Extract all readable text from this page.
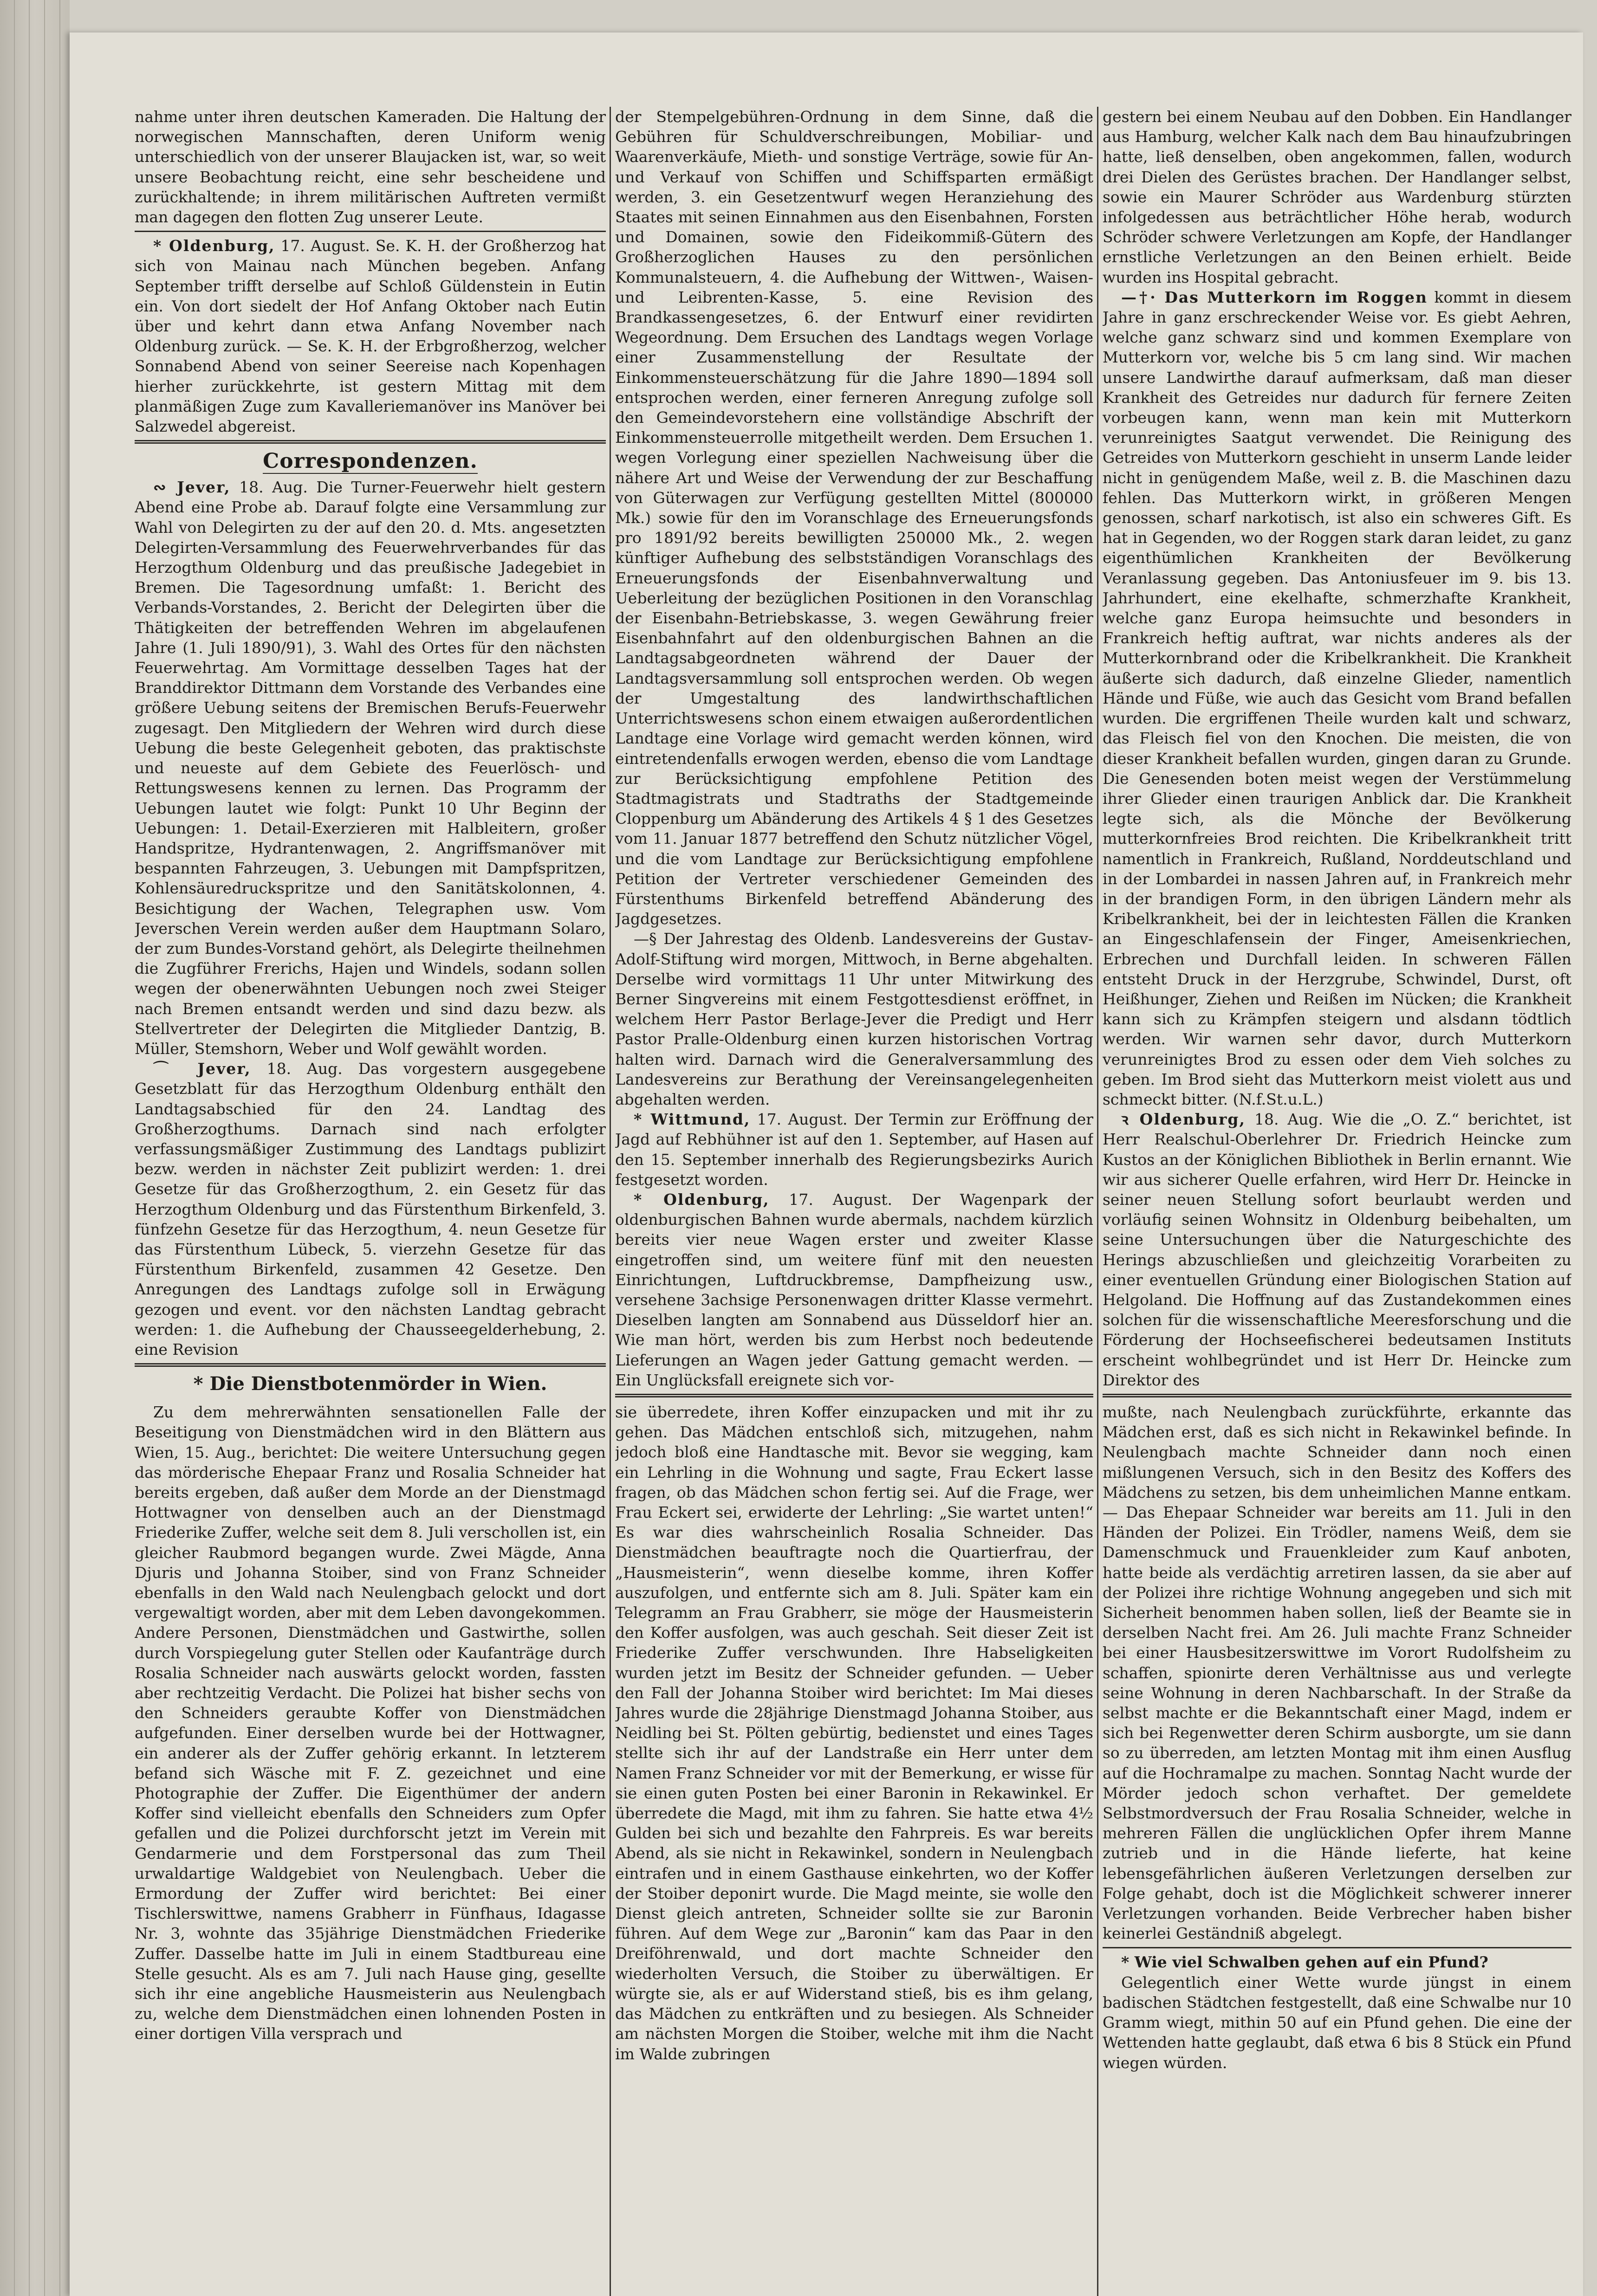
nahme unter ihren deutschen Kameraden. Die Haltung der norwegischen Mannschaften, deren Uniform wenig unterschiedlich von der unserer Blaujacken ist, war, so weit unsere Beobachtung reicht, eine sehr bescheidene und zurückhaltende; in ihrem militärischen Auftreten vermißt man dagegen den flotten Zug unserer Leute.

* Oldenburg, 17. August. Se. K. H. der Großherzog hat sich von Mainau nach München begeben. Anfang September trifft derselbe auf Schloß Güldenstein in Eutin ein. Von dort siedelt der Hof Anfang Oktober nach Eutin über und kehrt dann etwa Anfang November nach Oldenburg zurück. — Se. K. H. der Erbgroßherzog, welcher Sonnabend Abend von seiner Seereise nach Kopenhagen hierher zurückkehrte, ist gestern Mittag mit dem planmäßigen Zuge zum Kavalleriemanöver ins Manöver bei Salzwedel abgereist.

Correspondenzen.

∾ Jever, 18. Aug. Die Turner-Feuerwehr hielt gestern Abend eine Probe ab. Darauf folgte eine Versammlung zur Wahl von Delegirten zu der auf den 20. d. Mts. angesetzten Delegirten-Versammlung des Feuerwehrverbandes für das Herzogthum Oldenburg und das preußische Jadegebiet in Bremen. Die Tagesordnung umfaßt: 1. Bericht des Verbands-Vorstandes, 2. Bericht der Delegirten über die Thätigkeiten der betreffenden Wehren im abgelaufenen Jahre (1. Juli 1890/91), 3. Wahl des Ortes für den nächsten Feuerwehrtag. Am Vormittage desselben Tages hat der Branddirektor Dittmann dem Vorstande des Verbandes eine größere Uebung seitens der Bremischen Berufs-Feuerwehr zugesagt. Den Mitgliedern der Wehren wird durch diese Uebung die beste Gelegenheit geboten, das praktischste und neueste auf dem Gebiete des Feuerlösch- und Rettungswesens kennen zu lernen. Das Programm der Uebungen lautet wie folgt: Punkt 10 Uhr Beginn der Uebungen: 1. Detail-Exerzieren mit Halbleitern, großer Handspritze, Hydrantenwagen, 2. Angriffsmanöver mit bespannten Fahrzeugen, 3. Uebungen mit Dampfspritzen, Kohlensäuredruckspritze und den Sanitätskolonnen, 4. Besichtigung der Wachen, Telegraphen usw. Vom Jeverschen Verein werden außer dem Hauptmann Solaro, der zum Bundes-Vorstand gehört, als Delegirte theilnehmen die Zugführer Frerichs, Hajen und Windels, sodann sollen wegen der obenerwähnten Uebungen noch zwei Steiger nach Bremen entsandt werden und sind dazu bezw. als Stellvertreter der Delegirten die Mitglieder Dantzig, B. Müller, Stemshorn, Weber und Wolf gewählt worden.

⌒ Jever, 18. Aug. Das vorgestern ausgegebene Gesetzblatt für das Herzogthum Oldenburg enthält den Landtagsabschied für den 24. Landtag des Großherzogthums. Darnach sind nach erfolgter verfassungsmäßiger Zustimmung des Landtags publizirt bezw. werden in nächster Zeit publizirt werden: 1. drei Gesetze für das Großherzogthum, 2. ein Gesetz für das Herzogthum Oldenburg und das Fürstenthum Birkenfeld, 3. fünfzehn Gesetze für das Herzogthum, 4. neun Gesetze für das Fürstenthum Lübeck, 5. vierzehn Gesetze für das Fürstenthum Birkenfeld, zusammen 42 Gesetze. Den Anregungen des Landtags zufolge soll in Erwägung gezogen und event. vor den nächsten Landtag gebracht werden: 1. die Aufhebung der Chausseegelderhebung, 2. eine Revision

* Die Dienstbotenmörder in Wien.

Zu dem mehrerwähnten sensationellen Falle der Beseitigung von Dienstmädchen wird in den Blättern aus Wien, 15. Aug., berichtet: Die weitere Untersuchung gegen das mörderische Ehepaar Franz und Rosalia Schneider hat bereits ergeben, daß außer dem Morde an der Dienstmagd Hottwagner von denselben auch an der Dienstmagd Friederike Zuffer, welche seit dem 8. Juli verschollen ist, ein gleicher Raubmord begangen wurde. Zwei Mägde, Anna Djuris und Johanna Stoiber, sind von Franz Schneider ebenfalls in den Wald nach Neulengbach gelockt und dort vergewaltigt worden, aber mit dem Leben davongekommen. Andere Personen, Dienstmädchen und Gastwirthe, sollen durch Vorspiegelung guter Stellen oder Kaufanträge durch Rosalia Schneider nach auswärts gelockt worden, fassten aber rechtzeitig Verdacht. Die Polizei hat bisher sechs von den Schneiders geraubte Koffer von Dienstmädchen aufgefunden. Einer derselben wurde bei der Hottwagner, ein anderer als der Zuffer gehörig erkannt. In letzterem befand sich Wäsche mit F. Z. gezeichnet und eine Photographie der Zuffer. Die Eigenthümer der andern Koffer sind vielleicht ebenfalls den Schneiders zum Opfer gefallen und die Polizei durchforscht jetzt im Verein mit Gendarmerie und dem Forstpersonal das zum Theil urwaldartige Waldgebiet von Neulengbach. Ueber die Ermordung der Zuffer wird berichtet: Bei einer Tischlerswittwe, namens Grabherr in Fünfhaus, Idagasse Nr. 3, wohnte das 35jährige Dienstmädchen Friederike Zuffer. Dasselbe hatte im Juli in einem Stadtbureau eine Stelle gesucht. Als es am 7. Juli nach Hause ging, gesellte sich ihr eine angebliche Hausmeisterin aus Neulengbach zu, welche dem Dienstmädchen einen lohnenden Posten in einer dortigen Villa versprach und

der Stempelgebühren-Ordnung in dem Sinne, daß die Gebühren für Schuldverschreibungen, Mobiliar- und Waarenverkäufe, Mieth- und sonstige Verträge, sowie für An- und Verkauf von Schiffen und Schiffsparten ermäßigt werden, 3. ein Gesetzentwurf wegen Heranziehung des Staates mit seinen Einnahmen aus den Eisenbahnen, Forsten und Domainen, sowie den Fideikommiß-Gütern des Großherzoglichen Hauses zu den persönlichen Kommunalsteuern, 4. die Aufhebung der Wittwen-, Waisen- und Leibrenten-Kasse, 5. eine Revision des Brandkassengesetzes, 6. der Entwurf einer revidirten Wegeordnung. Dem Ersuchen des Landtags wegen Vorlage einer Zusammenstellung der Resultate der Einkommensteuerschätzung für die Jahre 1890—1894 soll entsprochen werden, einer ferneren Anregung zufolge soll den Gemeindevorstehern eine vollständige Abschrift der Einkommensteuerrolle mitgetheilt werden. Dem Ersuchen 1. wegen Vorlegung einer speziellen Nachweisung über die nähere Art und Weise der Verwendung der zur Beschaffung von Güterwagen zur Verfügung gestellten Mittel (800000 Mk.) sowie für den im Voranschlage des Erneuerungsfonds pro 1891/92 bereits bewilligten 250000 Mk., 2. wegen künftiger Aufhebung des selbstständigen Voranschlags des Erneuerungsfonds der Eisenbahnverwaltung und Ueberleitung der bezüglichen Positionen in den Voranschlag der Eisenbahn-Betriebskasse, 3. wegen Gewährung freier Eisenbahnfahrt auf den oldenburgischen Bahnen an die Landtagsabgeordneten während der Dauer der Landtagsversammlung soll entsprochen werden. Ob wegen der Umgestaltung des landwirthschaftlichen Unterrichtswesens schon einem etwaigen außerordentlichen Landtage eine Vorlage wird gemacht werden können, wird eintretendenfalls erwogen werden, ebenso die vom Landtage zur Berücksichtigung empfohlene Petition des Stadtmagistrats und Stadtraths der Stadtgemeinde Cloppenburg um Abänderung des Artikels 4 § 1 des Gesetzes vom 11. Januar 1877 betreffend den Schutz nützlicher Vögel, und die vom Landtage zur Berücksichtigung empfohlene Petition der Vertreter verschiedener Gemeinden des Fürstenthums Birkenfeld betreffend Abänderung des Jagdgesetzes.

—§ Der Jahrestag des Oldenb. Landesvereins der Gustav-Adolf-Stiftung wird morgen, Mittwoch, in Berne abgehalten. Derselbe wird vormittags 11 Uhr unter Mitwirkung des Berner Singvereins mit einem Festgottesdienst eröffnet, in welchem Herr Pastor Berlage-Jever die Predigt und Herr Pastor Pralle-Oldenburg einen kurzen historischen Vortrag halten wird. Darnach wird die Generalversammlung des Landesvereins zur Berathung der Vereinsangelegenheiten abgehalten werden.

* Wittmund, 17. August. Der Termin zur Eröffnung der Jagd auf Rebhühner ist auf den 1. September, auf Hasen auf den 15. September innerhalb des Regierungsbezirks Aurich festgesetzt worden.

* Oldenburg, 17. August. Der Wagenpark der oldenburgischen Bahnen wurde abermals, nachdem kürzlich bereits vier neue Wagen erster und zweiter Klasse eingetroffen sind, um weitere fünf mit den neuesten Einrichtungen, Luftdruckbremse, Dampfheizung usw., versehene 3achsige Personenwagen dritter Klasse vermehrt. Dieselben langten am Sonnabend aus Düsseldorf hier an. Wie man hört, werden bis zum Herbst noch bedeutende Lieferungen an Wagen jeder Gattung gemacht werden. — Ein Unglücksfall ereignete sich vor-

sie überredete, ihren Koffer einzupacken und mit ihr zu gehen. Das Mädchen entschloß sich, mitzugehen, nahm jedoch bloß eine Handtasche mit. Bevor sie wegging, kam ein Lehrling in die Wohnung und sagte, Frau Eckert lasse fragen, ob das Mädchen schon fertig sei. Auf die Frage, wer Frau Eckert sei, erwiderte der Lehrling: „Sie wartet unten!“ Es war dies wahrscheinlich Rosalia Schneider. Das Dienstmädchen beauftragte noch die Quartierfrau, der „Hausmeisterin“, wenn dieselbe komme, ihren Koffer auszufolgen, und entfernte sich am 8. Juli. Später kam ein Telegramm an Frau Grabherr, sie möge der Hausmeisterin den Koffer ausfolgen, was auch geschah. Seit dieser Zeit ist Friederike Zuffer verschwunden. Ihre Habseligkeiten wurden jetzt im Besitz der Schneider gefunden. — Ueber den Fall der Johanna Stoiber wird berichtet: Im Mai dieses Jahres wurde die 28jährige Dienstmagd Johanna Stoiber, aus Neidling bei St. Pölten gebürtig, bedienstet und eines Tages stellte sich ihr auf der Landstraße ein Herr unter dem Namen Franz Schneider vor mit der Bemerkung, er wisse für sie einen guten Posten bei einer Baronin in Rekawinkel. Er überredete die Magd, mit ihm zu fahren. Sie hatte etwa 4½ Gulden bei sich und bezahlte den Fahrpreis. Es war bereits Abend, als sie nicht in Rekawinkel, sondern in Neulengbach eintrafen und in einem Gasthause einkehrten, wo der Koffer der Stoiber deponirt wurde. Die Magd meinte, sie wolle den Dienst gleich antreten, Schneider sollte sie zur Baronin führen. Auf dem Wege zur „Baronin“ kam das Paar in den Dreiföhrenwald, und dort machte Schneider den wiederholten Versuch, die Stoiber zu überwältigen. Er würgte sie, als er auf Widerstand stieß, bis es ihm gelang, das Mädchen zu entkräften und zu besiegen. Als Schneider am nächsten Morgen die Stoiber, welche mit ihm die Nacht im Walde zubringen

gestern bei einem Neubau auf den Dobben. Ein Handlanger aus Hamburg, welcher Kalk nach dem Bau hinaufzubringen hatte, ließ denselben, oben angekommen, fallen, wodurch drei Dielen des Gerüstes brachen. Der Handlanger selbst, sowie ein Maurer Schröder aus Wardenburg stürzten infolgedessen aus beträchtlicher Höhe herab, wodurch Schröder schwere Verletzungen am Kopfe, der Handlanger ernstliche Verletzungen an den Beinen erhielt. Beide wurden ins Hospital gebracht.

—†· Das Mutterkorn im Roggen kommt in diesem Jahre in ganz erschreckender Weise vor. Es giebt Aehren, welche ganz schwarz sind und kommen Exemplare von Mutterkorn vor, welche bis 5 cm lang sind. Wir machen unsere Landwirthe darauf aufmerksam, daß man dieser Krankheit des Getreides nur dadurch für fernere Zeiten vorbeugen kann, wenn man kein mit Mutterkorn verunreinigtes Saatgut verwendet. Die Reinigung des Getreides von Mutterkorn geschieht in unserm Lande leider nicht in genügendem Maße, weil z. B. die Maschinen dazu fehlen. Das Mutterkorn wirkt, in größeren Mengen genossen, scharf narkotisch, ist also ein schweres Gift. Es hat in Gegenden, wo der Roggen stark daran leidet, zu ganz eigenthümlichen Krankheiten der Bevölkerung Veranlassung gegeben. Das Antoniusfeuer im 9. bis 13. Jahrhundert, eine ekelhafte, schmerzhafte Krankheit, welche ganz Europa heimsuchte und besonders in Frankreich heftig auftrat, war nichts anderes als der Mutterkornbrand oder die Kribelkrankheit. Die Krankheit äußerte sich dadurch, daß einzelne Glieder, namentlich Hände und Füße, wie auch das Gesicht vom Brand befallen wurden. Die ergriffenen Theile wurden kalt und schwarz, das Fleisch fiel von den Knochen. Die meisten, die von dieser Krankheit befallen wurden, gingen daran zu Grunde. Die Genesenden boten meist wegen der Verstümmelung ihrer Glieder einen traurigen Anblick dar. Die Krankheit legte sich, als die Mönche der Bevölkerung mutterkornfreies Brod reichten. Die Kribelkrankheit tritt namentlich in Frankreich, Rußland, Norddeutschland und in der Lombardei in nassen Jahren auf, in Frankreich mehr in der brandigen Form, in den übrigen Ländern mehr als Kribelkrankheit, bei der in leichtesten Fällen die Kranken an Eingeschlafensein der Finger, Ameisenkriechen, Erbrechen und Durchfall leiden. In schweren Fällen entsteht Druck in der Herzgrube, Schwindel, Durst, oft Heißhunger, Ziehen und Reißen im Nücken; die Krankheit kann sich zu Krämpfen steigern und alsdann tödtlich werden. Wir warnen sehr davor, durch Mutterkorn verunreinigtes Brod zu essen oder dem Vieh solches zu geben. Im Brod sieht das Mutterkorn meist violett aus und schmeckt bitter. (N.f.St.u.L.)

ꝛ Oldenburg, 18. Aug. Wie die „O. Z.“ berichtet, ist Herr Realschul-Oberlehrer Dr. Friedrich Heincke zum Kustos an der Königlichen Bibliothek in Berlin ernannt. Wie wir aus sicherer Quelle erfahren, wird Herr Dr. Heincke in seiner neuen Stellung sofort beurlaubt werden und vorläufig seinen Wohnsitz in Oldenburg beibehalten, um seine Untersuchungen über die Naturgeschichte des Herings abzuschließen und gleichzeitig Vorarbeiten zu einer eventuellen Gründung einer Biologischen Station auf Helgoland. Die Hoffnung auf das Zustandekommen eines solchen für die wissenschaftliche Meeresforschung und die Förderung der Hochseefischerei bedeutsamen Instituts erscheint wohlbegründet und ist Herr Dr. Heincke zum Direktor des

mußte, nach Neulengbach zurückführte, erkannte das Mädchen erst, daß es sich nicht in Rekawinkel befinde. In Neulengbach machte Schneider dann noch einen mißlungenen Versuch, sich in den Besitz des Koffers des Mädchens zu setzen, bis dem unheimlichen Manne entkam. — Das Ehepaar Schneider war bereits am 11. Juli in den Händen der Polizei. Ein Trödler, namens Weiß, dem sie Damenschmuck und Frauenkleider zum Kauf anboten, hatte beide als verdächtig arretiren lassen, da sie aber auf der Polizei ihre richtige Wohnung angegeben und sich mit Sicherheit benommen haben sollen, ließ der Beamte sie in derselben Nacht frei. Am 26. Juli machte Franz Schneider bei einer Hausbesitzerswittwe im Vorort Rudolfsheim zu schaffen, spionirte deren Verhältnisse aus und verlegte seine Wohnung in deren Nachbarschaft. In der Straße da selbst machte er die Bekanntschaft einer Magd, indem er sich bei Regenwetter deren Schirm ausborgte, um sie dann so zu überreden, am letzten Montag mit ihm einen Ausflug auf die Hochramalpe zu machen. Sonntag Nacht wurde der Mörder jedoch schon verhaftet. Der gemeldete Selbstmordversuch der Frau Rosalia Schneider, welche in mehreren Fällen die unglücklichen Opfer ihrem Manne zutrieb und in die Hände lieferte, hat keine lebensgefährlichen äußeren Verletzungen derselben zur Folge gehabt, doch ist die Möglichkeit schwerer innerer Verletzungen vorhanden. Beide Verbrecher haben bisher keinerlei Geständniß abgelegt.

* Wie viel Schwalben gehen auf ein Pfund?

Gelegentlich einer Wette wurde jüngst in einem badischen Städtchen festgestellt, daß eine Schwalbe nur 10 Gramm wiegt, mithin 50 auf ein Pfund gehen. Die eine der Wettenden hatte geglaubt, daß etwa 6 bis 8 Stück ein Pfund wiegen würden.
